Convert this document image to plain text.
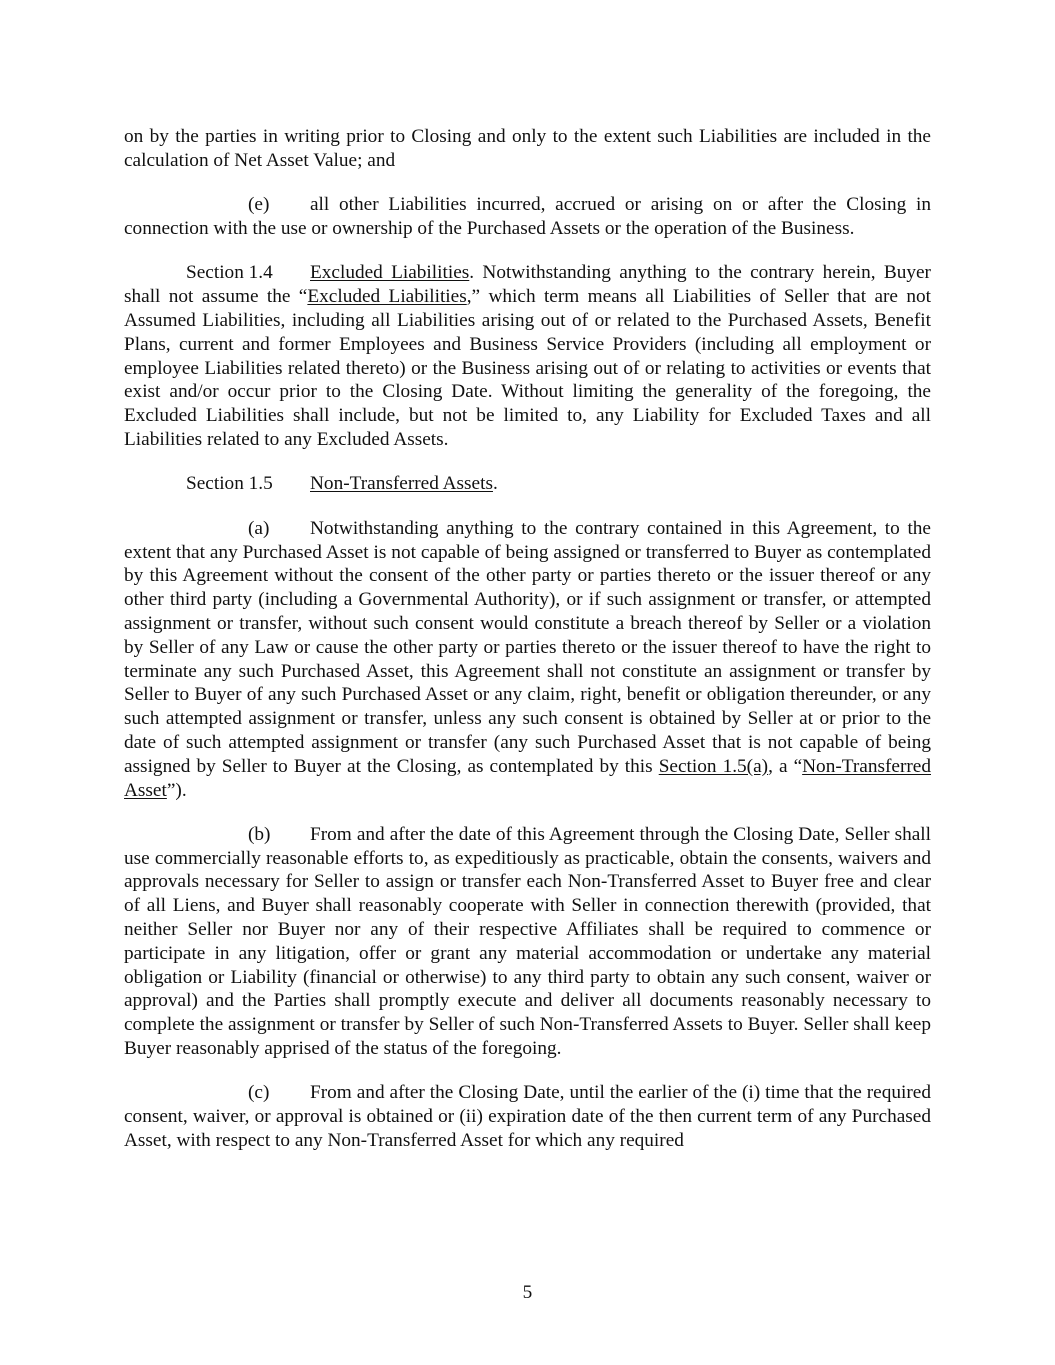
on by the parties in writing prior to Closing and only to the extent such Liabilities are included in the calculation of Net Asset Value; and

(e) all other Liabilities incurred, accrued or arising on or after the Closing in connection with the use or ownership of the Purchased Assets or the operation of the Business.

Section 1.4 Excluded Liabilities. Notwithstanding anything to the contrary herein, Buyer shall not assume the “Excluded Liabilities,” which term means all Liabilities of Seller that are not Assumed Liabilities, including all Liabilities arising out of or related to the Purchased Assets, Benefit Plans, current and former Employees and Business Service Providers (including all employment or employee Liabilities related thereto) or the Business arising out of or relating to activities or events that exist and/or occur prior to the Closing Date. Without limiting the generality of the foregoing, the Excluded Liabilities shall include, but not be limited to, any Liability for Excluded Taxes and all Liabilities related to any Excluded Assets.

Section 1.5 Non-Transferred Assets.

(a) Notwithstanding anything to the contrary contained in this Agreement, to the extent that any Purchased Asset is not capable of being assigned or transferred to Buyer as contemplated by this Agreement without the consent of the other party or parties thereto or the issuer thereof or any other third party (including a Governmental Authority), or if such assignment or transfer, or attempted assignment or transfer, without such consent would constitute a breach thereof by Seller or a violation by Seller of any Law or cause the other party or parties thereto or the issuer thereof to have the right to terminate any such Purchased Asset, this Agreement shall not constitute an assignment or transfer by Seller to Buyer of any such Purchased Asset or any claim, right, benefit or obligation thereunder, or any such attempted assignment or transfer, unless any such consent is obtained by Seller at or prior to the date of such attempted assignment or transfer (any such Purchased Asset that is not capable of being assigned by Seller to Buyer at the Closing, as contemplated by this Section 1.5(a), a “Non-Transferred Asset”).

(b) From and after the date of this Agreement through the Closing Date, Seller shall use commercially reasonable efforts to, as expeditiously as practicable, obtain the consents, waivers and approvals necessary for Seller to assign or transfer each Non-Transferred Asset to Buyer free and clear of all Liens, and Buyer shall reasonably cooperate with Seller in connection therewith (provided, that neither Seller nor Buyer nor any of their respective Affiliates shall be required to commence or participate in any litigation, offer or grant any material accommodation or undertake any material obligation or Liability (financial or otherwise) to any third party to obtain any such consent, waiver or approval) and the Parties shall promptly execute and deliver all documents reasonably necessary to complete the assignment or transfer by Seller of such Non-Transferred Assets to Buyer. Seller shall keep Buyer reasonably apprised of the status of the foregoing.

(c) From and after the Closing Date, until the earlier of the (i) time that the required consent, waiver, or approval is obtained or (ii) expiration date of the then current term of any Purchased Asset, with respect to any Non-Transferred Asset for which any required

5
